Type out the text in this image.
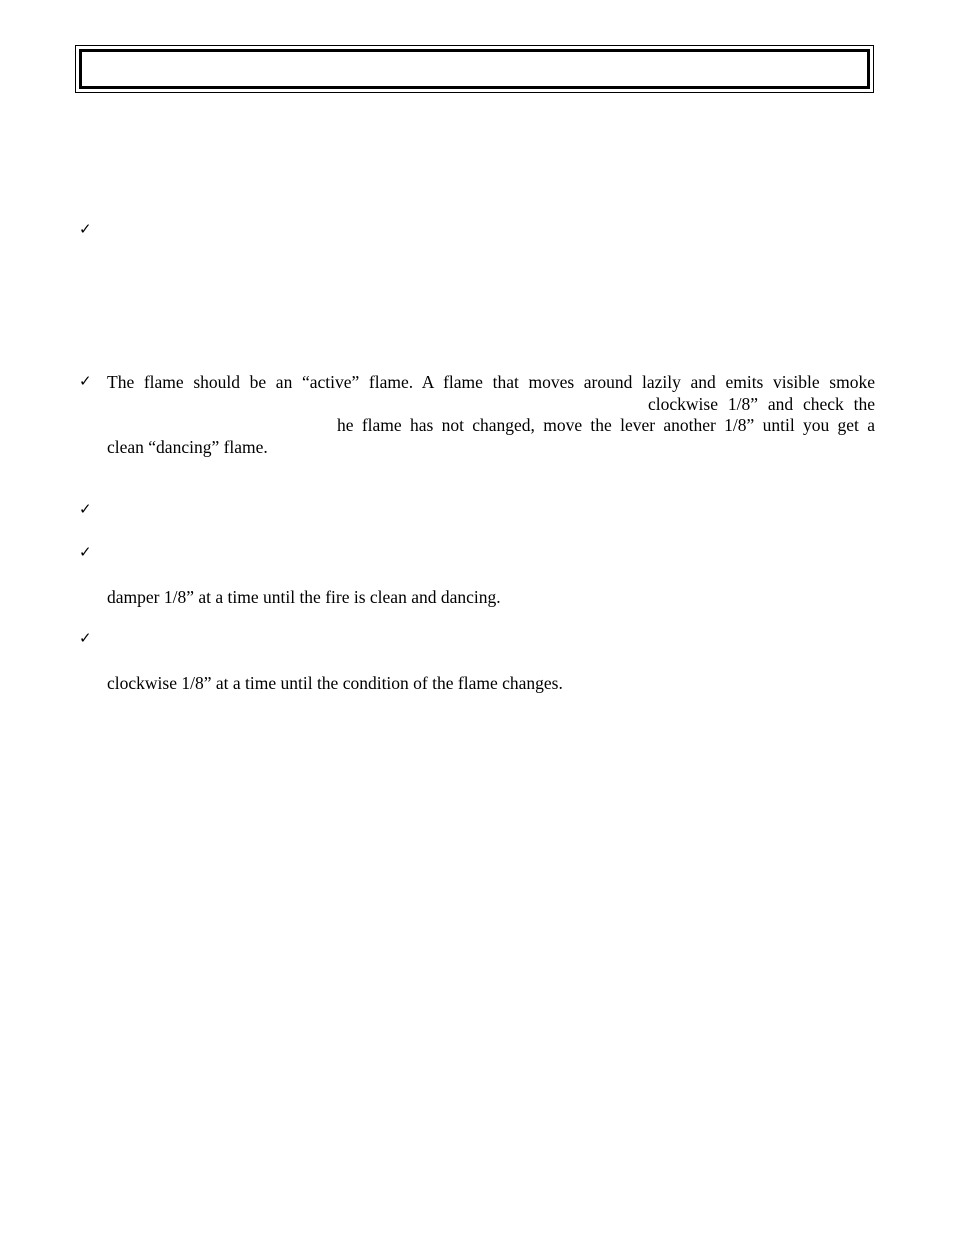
✓
✓ The flame should be an “active” flame. A flame that moves around lazily and emits visible smoke
clockwise 1/8” and check the
he flame has not changed, move the lever another 1/8” until you get a
clean “dancing” flame.
✓
✓
damper 1/8” at a time until the fire is clean and dancing.
✓
clockwise 1/8” at a time until the condition of the flame changes.
